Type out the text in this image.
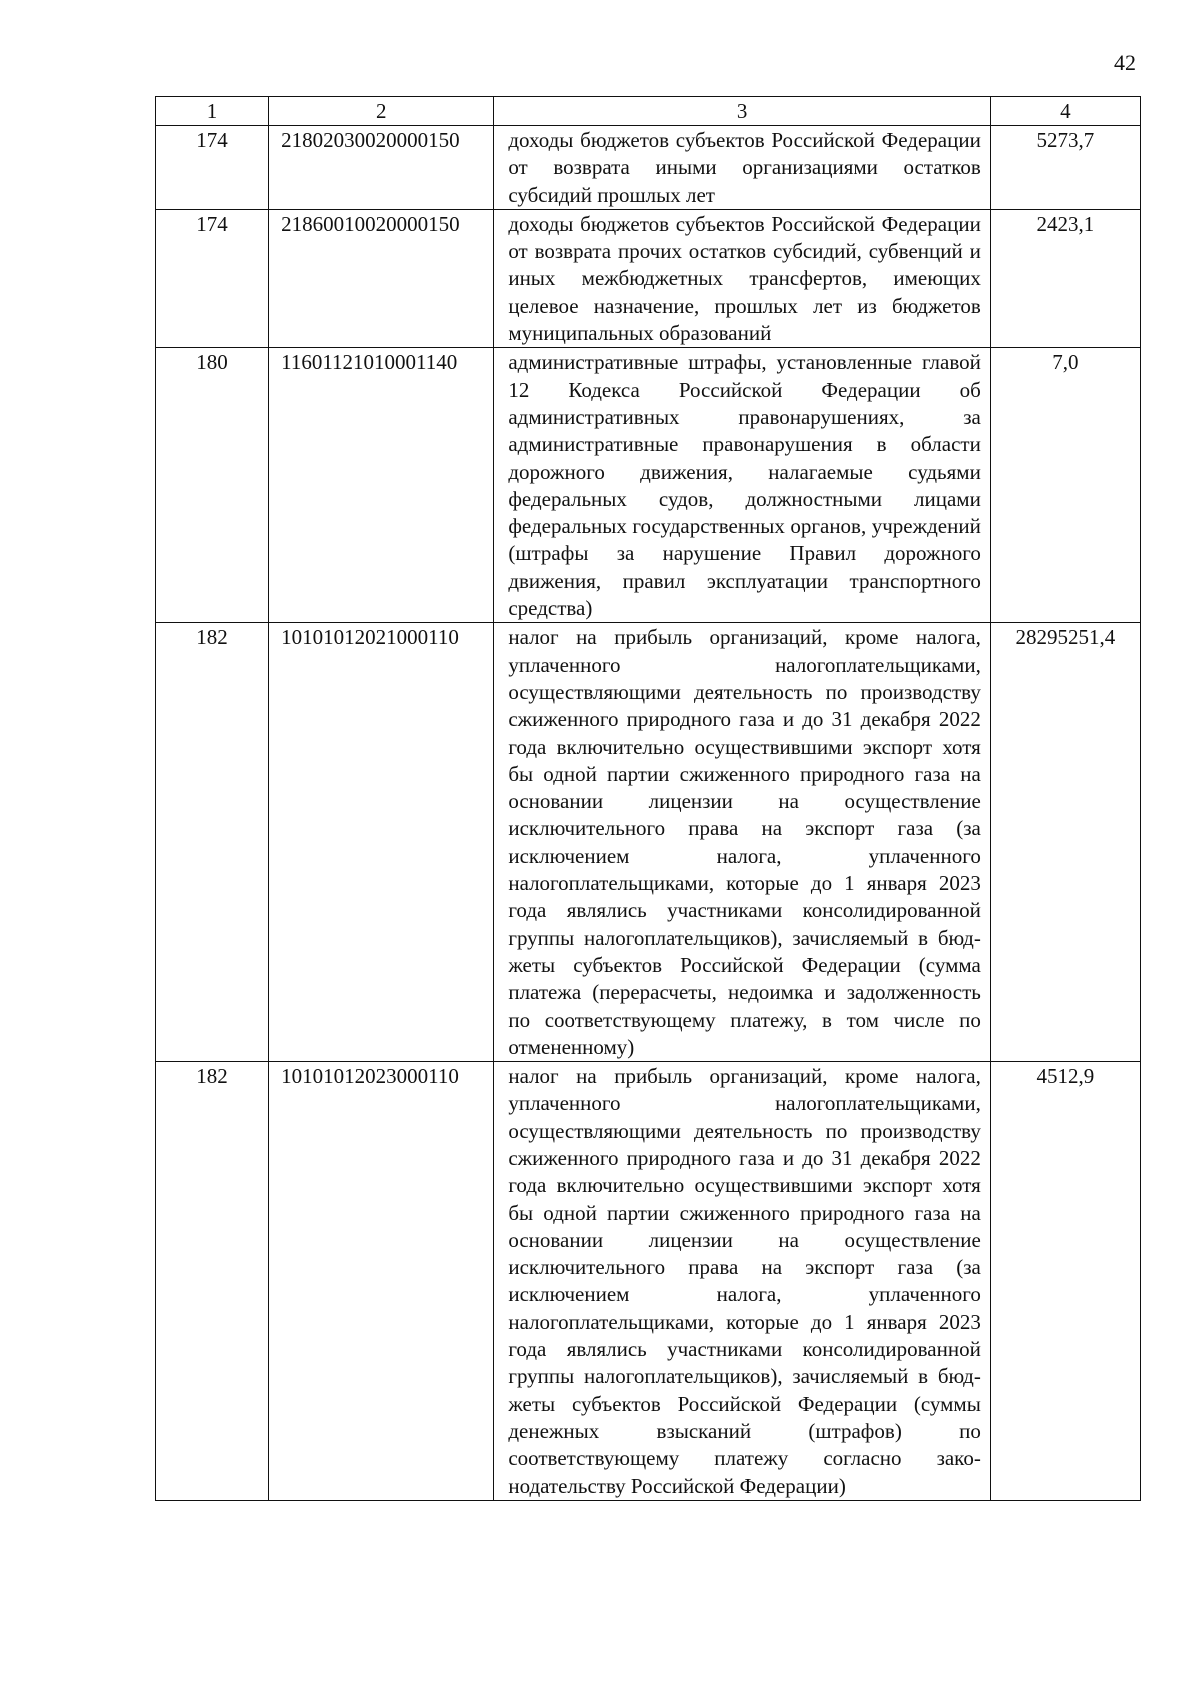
42
1	2	3	4
174	21802030020000150	доходы бюджетов субъектов Российской Федерации от возврата иными организациями остатков субсидий прошлых лет	5273,7
174	21860010020000150	доходы бюджетов субъектов Российской Федерации от возврата прочих остатков субсидий, субвенций и иных межбюджетных трансфертов, имеющих целевое назначение, прошлых лет из бюджетов муниципальных образований	2423,1
180	11601121010001140	административные штрафы, установленные главой 12 Кодекса Российской Федерации об административных правонарушениях, за административные правонарушения в области дорожного движения, налагаемые судьями федеральных судов, должностными лицами федеральных государственных органов, учреждений (штрафы за нарушение Правил дорожного движения, правил эксплуатации транспортного средства)	7,0
182	10101012021000110	налог на прибыль организаций, кроме налога, уплаченного налогоплательщиками, осуществляющими деятельность по производству сжиженного природного газа и до 31 декабря 2022 года включительно осуществившими экспорт хотя бы одной партии сжиженного природного газа на основании лицензии на осуществление исключительного права на экспорт газа (за исключением налога, уплаченного налогоплательщиками, которые до 1 января 2023 года являлись участниками консолидированной группы налогоплательщиков), зачисляемый в бюджеты субъектов Российской Федерации (сумма платежа (перерасчеты, недоимка и задолженность по соответствующему платежу, в том числе по отмененному)	28295251,4
182	10101012023000110	налог на прибыль организаций, кроме налога, уплаченного налогоплательщиками, осуществляющими деятельность по производству сжиженного природного газа и до 31 декабря 2022 года включительно осуществившими экспорт хотя бы одной партии сжиженного природного газа на основании лицензии на осуществление исключительного права на экспорт газа (за исключением налога, уплаченного налогоплательщиками, которые до 1 января 2023 года являлись участниками консолидированной группы налогоплательщиков), зачисляемый в бюджеты субъектов Российской Федерации (суммы денежных взысканий (штрафов) по соответствующему платежу согласно законодательству Российской Федерации)	4512,9
